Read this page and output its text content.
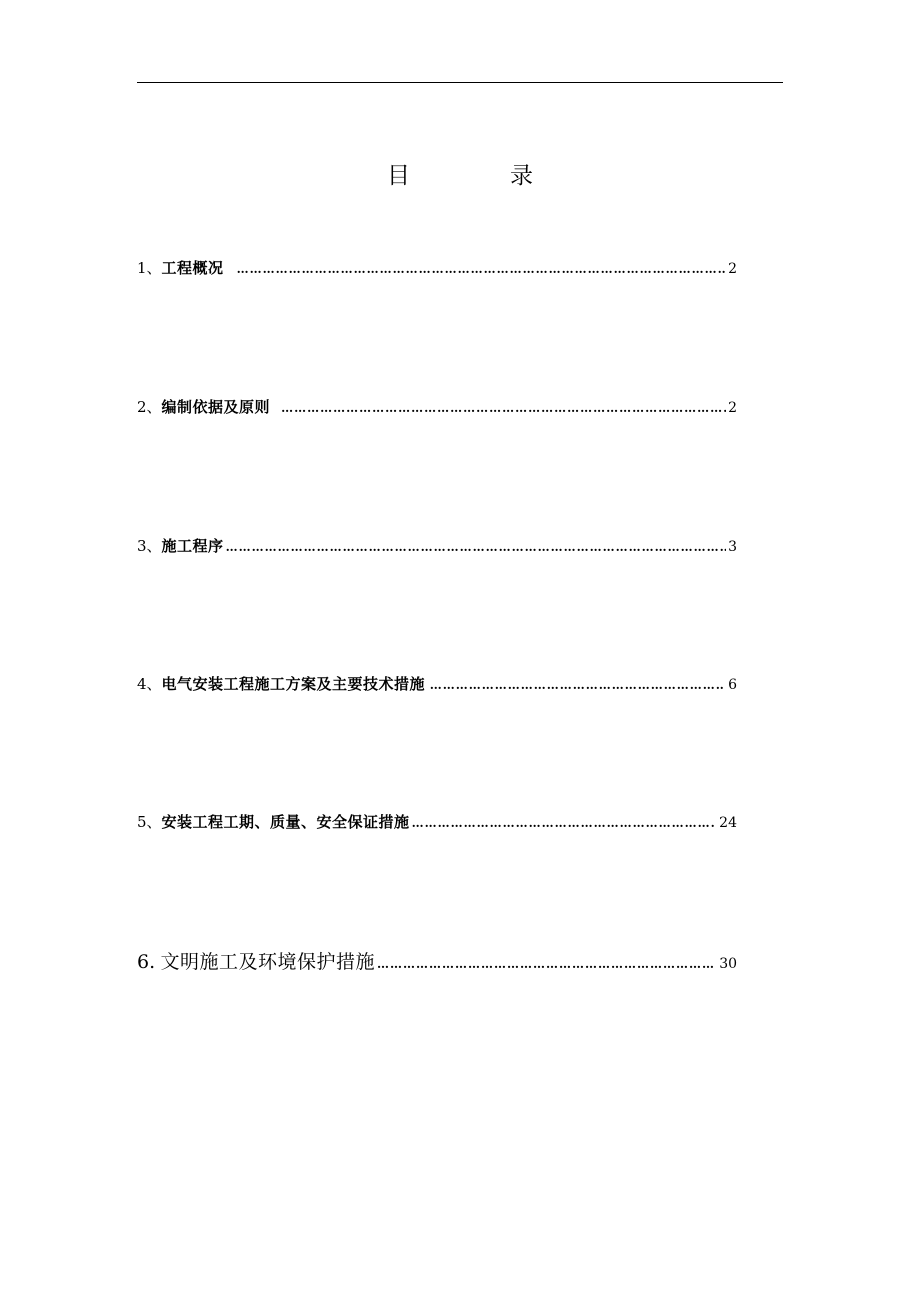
目	录
1、 工程概况 ……………………………………………………………………………………………………………………………………………………………………………………	2
2、 编制依据及原则 ……………………………………………………………………………………………………………………………………………………………………………………	2
3、 施工程序 ……………………………………………………………………………………………………………………………………………………………………………………	3
4、 电气安装工程施工方案及主要技术措施 ……………………………………………………………………………………………………………………………………………………………………………………	6
5、 安装工程工期、质量、安全保证措施 ……………………………………………………………………………………………………………………………………………………………………………………	24
6. 文明施工及环境保护措施 ……………………………………………………………………………………………………………………………………………………………………………………	30
